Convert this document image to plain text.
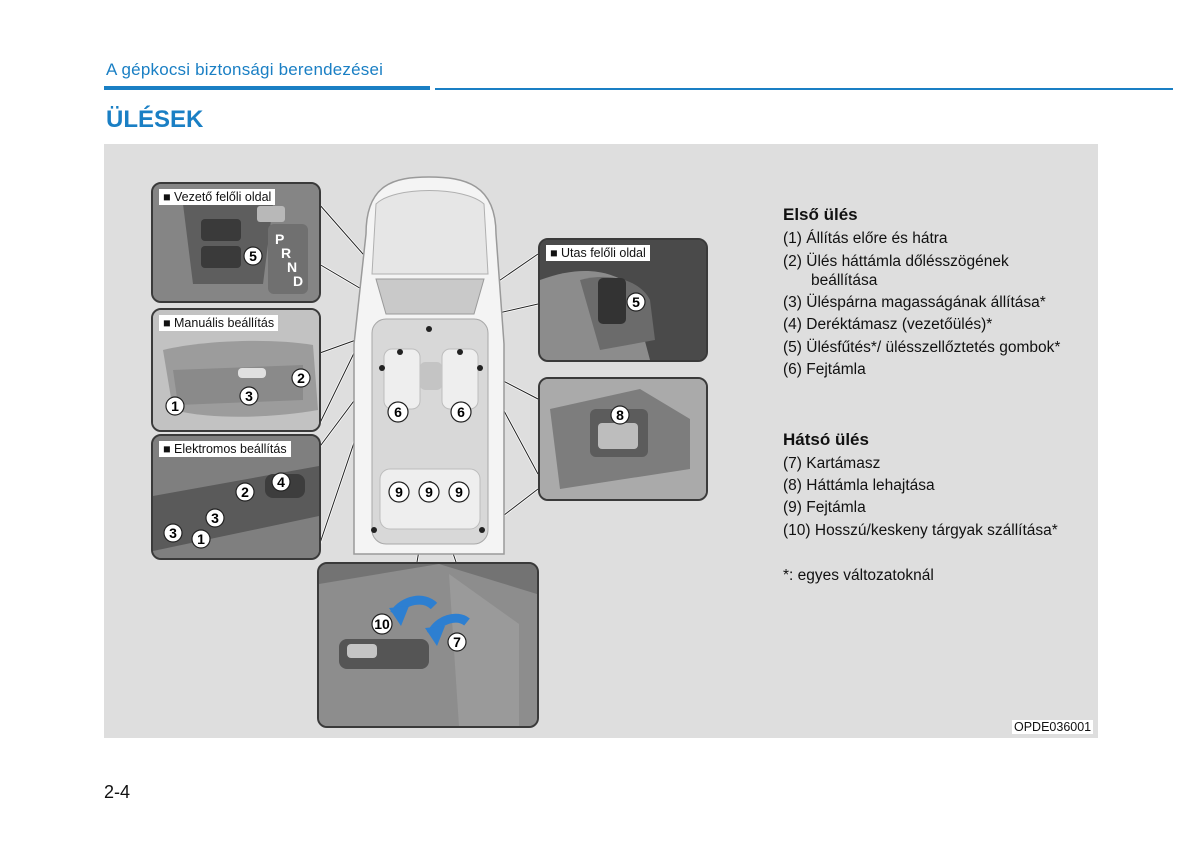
A gépkocsi biztonsági berendezései
ÜLÉSEK
6	6
9 9 9
P
R
N
D
5
■ Vezető felőli oldal
1
3
2
■ Manuális beállítás
4
2
3
3 1
■ Elektromos beállítás
5
■ Utas felőli oldal
8
10
7
OPDE036001
Első ülés
(1) Állítás előre és hátra
(2) Ülés háttámla dőlésszögének
beállítása
(3) Üléspárna magasságának állítása*
(4) Deréktámasz (vezetőülés)*
(5) Ülésfűtés*/ ülésszellőztetés gombok*
(6) Fejtámla
Hátsó ülés
(7) Kartámasz
(8) Háttámla lehajtása
(9) Fejtámla
(10) Hosszú/keskeny tárgyak szállítása*
*: egyes változatoknál
2-4
